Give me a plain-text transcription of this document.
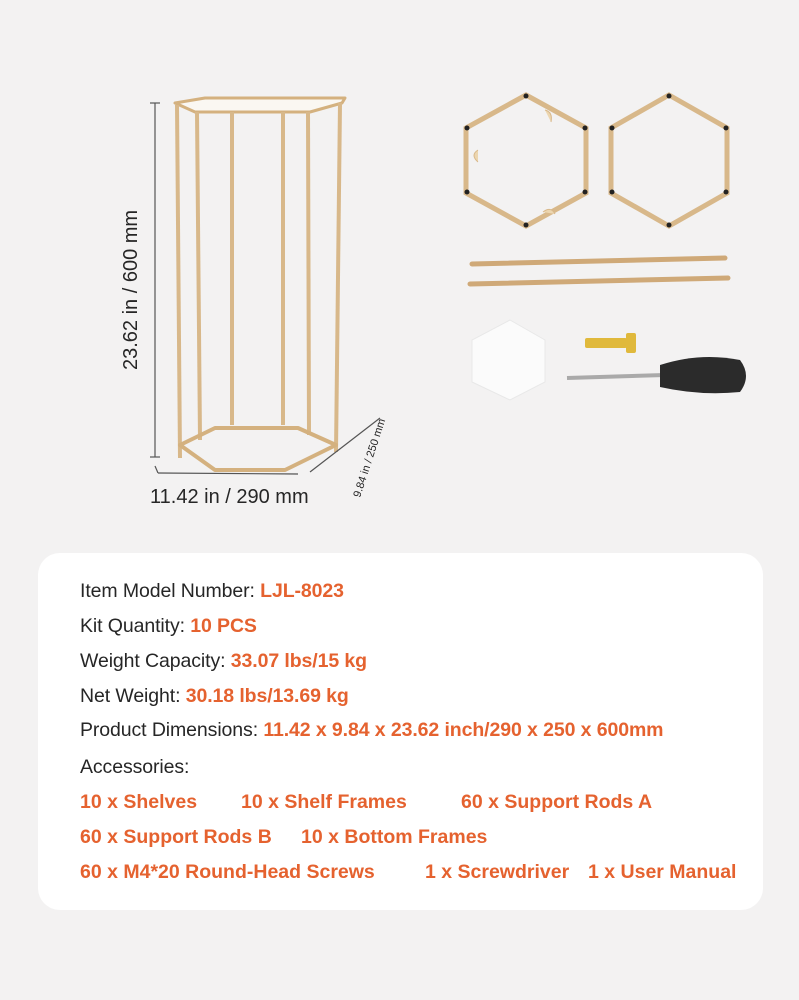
23.62 in / 600 mm
11.42 in / 290 mm	9.84 in / 250 mm
Item Model Number: LJL-8023
Kit Quantity: 10 PCS
Weight Capacity: 33.07 lbs/15 kg
Net Weight: 30.18 lbs/13.69 kg
Product Dimensions: 11.42 x 9.84 x 23.62 inch/290 x 250 x 600mm
Accessories:
10 x Shelves 10 x Shelf Frames	60 x Support Rods A
60 x Support Rods B 10 x Bottom Frames
60 x M4*20 Round-Head Screws	1 x Screwdriver 1 x User Manual
